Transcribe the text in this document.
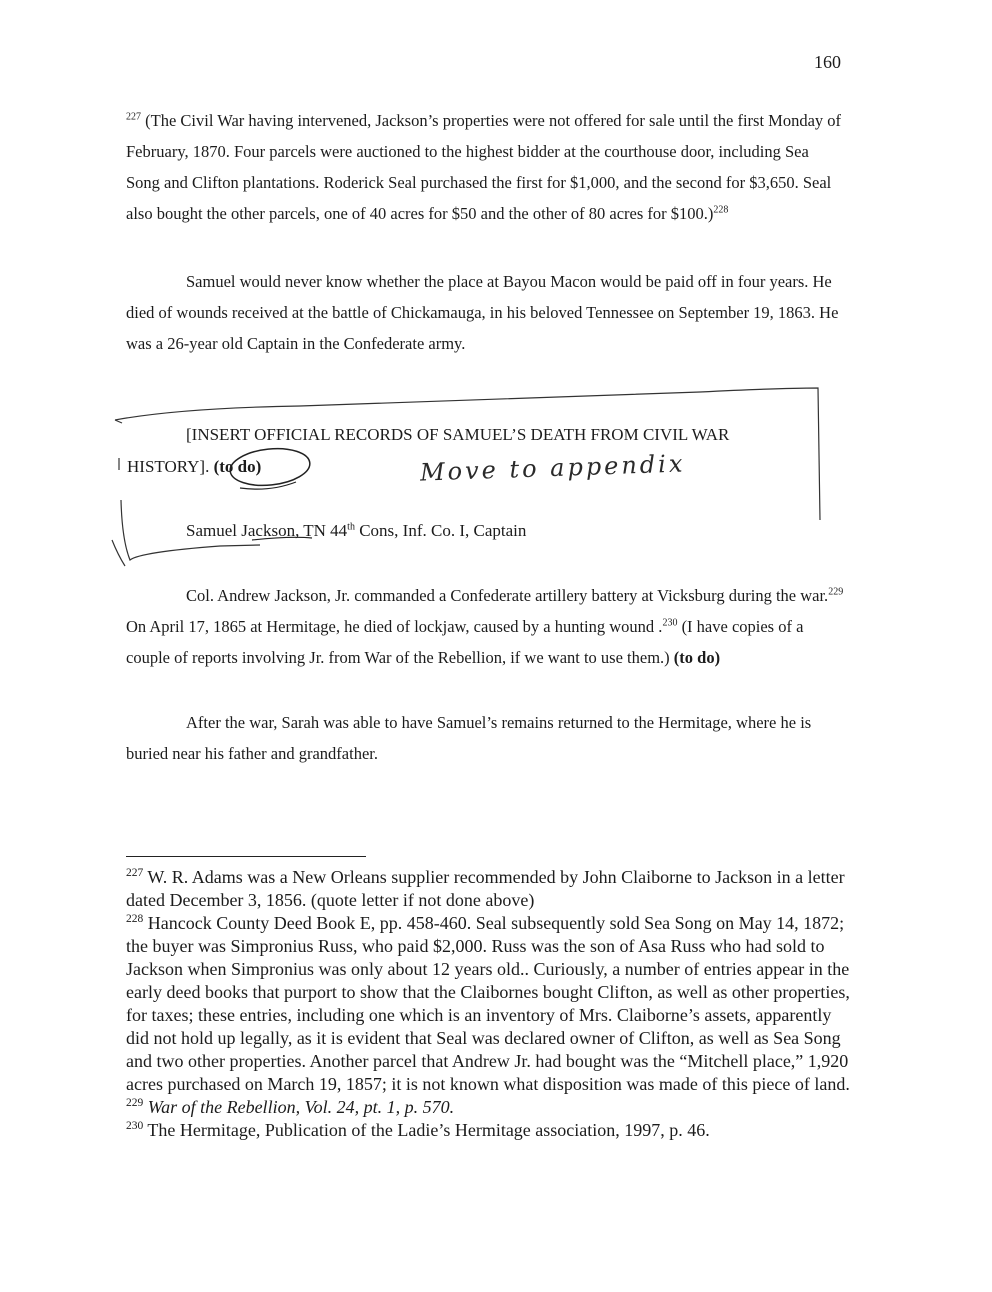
160
$^{227}$ (The Civil War having intervened, Jackson’s properties were not offered for sale until the first Monday of February, 1870. Four parcels were auctioned to the highest bidder at the courthouse door, including Sea Song and Clifton plantations. Roderick Seal purchased the first for $1,000, and the second for $3,650. Seal also bought the other parcels, one of 40 acres for $50 and the other of 80 acres for $100.)$^{228}$
Samuel would never know whether the place at Bayou Macon would be paid off in four years. He died of wounds received at the battle of Chickamauga, in his beloved Tennessee on September 19, 1863. He was a 26-year old Captain in the Confederate army.
[INSERT OFFICIAL RECORDS OF SAMUEL’S DEATH FROM CIVIL WAR
HISTORY]. (to do)	Move to appendix
Samuel Jackson, TN 44th Cons, Inf. Co. I, Captain
Col. Andrew Jackson, Jr. commanded a Confederate artillery battery at Vicksburg during the war.$^{229}$ On April 17, 1865 at Hermitage, he died of lockjaw, caused by a hunting wound .$^{230}$ (I have copies of a couple of reports involving Jr. from War of the Rebellion, if we want to use them.) (to do)
After the war, Sarah was able to have Samuel’s remains returned to the Hermitage, where he is buried near his father and grandfather.

$^{227}$ W. R. Adams was a New Orleans supplier recommended by John Claiborne to Jackson in a letter dated December 3, 1856. (quote letter if not done above)

$^{228}$ Hancock County Deed Book E, pp. 458-460. Seal subsequently sold Sea Song on May 14, 1872; the buyer was Simpronius Russ, who paid $2,000. Russ was the son of Asa Russ who had sold to Jackson when Simpronius was only about 12 years old.. Curiously, a number of entries appear in the early deed books that purport to show that the Claibornes bought Clifton, as well as other properties, for taxes; these entries, including one which is an inventory of Mrs. Claiborne’s assets, apparently did not hold up legally, as it is evident that Seal was declared owner of Clifton, as well as Sea Song and two other properties. Another parcel that Andrew Jr. had bought was the “Mitchell place,” 1,920 acres purchased on March 19, 1857; it is not known what disposition was made of this piece of land.

$^{229}$ War of the Rebellion, Vol. 24, pt. 1, p. 570.

$^{230}$ The Hermitage, Publication of the Ladie’s Hermitage association, 1997, p. 46.
